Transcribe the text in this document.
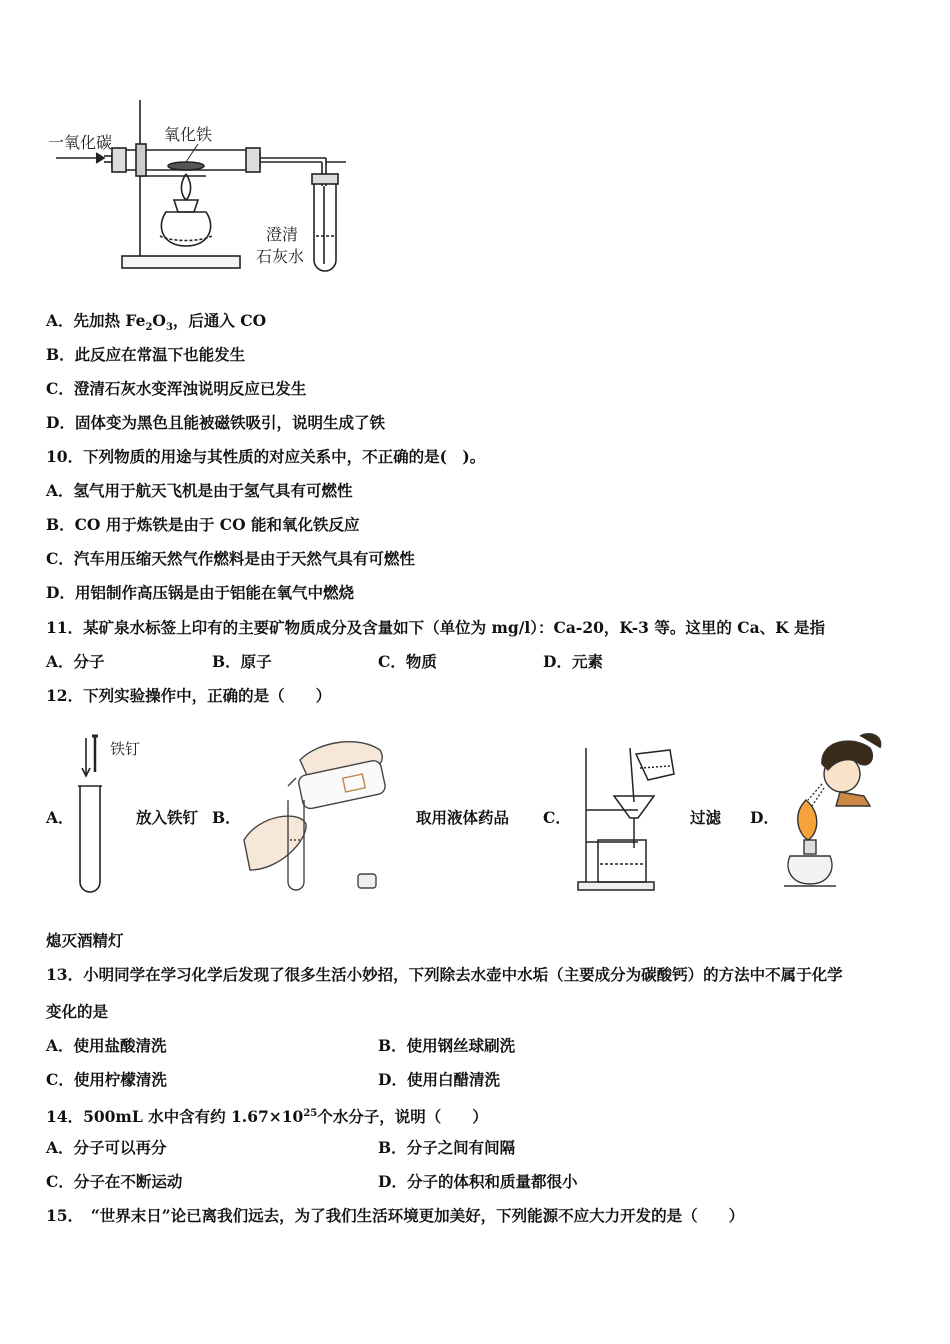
一氧化碳	氧化铁
澄清
石灰水
A．先加热 $Fe_2O_3$，后通入 CO
B．此反应在常温下也能发生
C．澄清石灰水变浑浊说明反应已发生
D．固体变为黑色且能被磁铁吸引，说明生成了铁
10．下列物质的用途与其性质的对应关系中，不正确的是(　)。
A．氢气用于航天飞机是由于氢气具有可燃性
B．CO 用于炼铁是由于 CO 能和氧化铁反应
C．汽车用压缩天然气作燃料是由于天然气具有可燃性
D．用铝制作高压锅是由于铝能在氧气中燃烧
11．某矿泉水标签上印有的主要矿物质成分及含量如下（单位为 mg/l）：Ca-20，K-3 等。这里的 Ca、K 是指
A．分子	B．原子	C．物质	D．元素
12．下列实验操作中，正确的是（　　）
A．
铁钉
放入铁钉 B．	取用液体药品 C．	过滤 D．
熄灭酒精灯
13．小明同学在学习化学后发现了很多生活小妙招，下列除去水壶中水垢（主要成分为碳酸钙）的方法中不属于化学
变化的是
A．使用盐酸清洗	B．使用钢丝球刷洗
C．使用柠檬清洗	D．使用白醋清洗
14．500mL 水中含有约 $1.67\times 10^{25}$个水分子，说明（　　）
A．分子可以再分	B．分子之间有间隔
C．分子在不断运动	D．分子的体积和质量都很小
15．　“世界末日”论已离我们远去，为了我们生活环境更加美好，下列能源不应大力开发的是（　　）
